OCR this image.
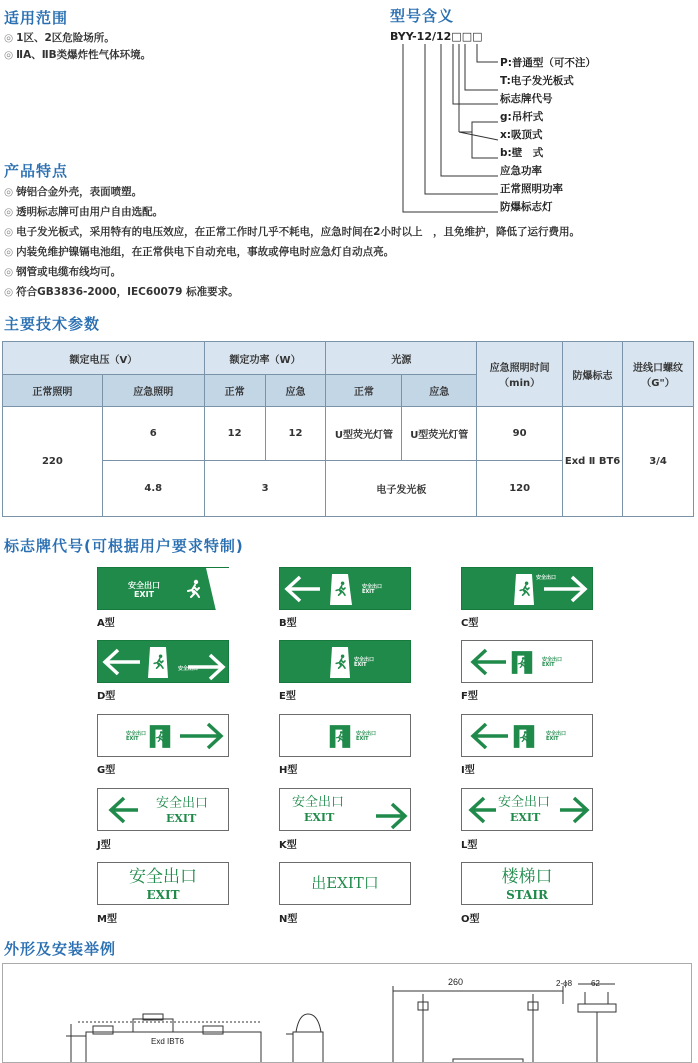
适用范围
◎ 1区、2区危险场所。
◎ ⅡA、ⅡB类爆炸性气体环境。
型号含义
BYY-12/12□□□
P:普通型（可不注）
T:电子发光板式
标志牌代号
g:吊杆式
x:吸顶式
b:壁　式
应急功率
正常照明功率
防爆标志灯
产品特点
◎ 铸铝合金外壳，表面喷塑。
◎ 透明标志牌可由用户自由选配。
◎ 电子发光板式，采用特有的电压效应，在正常工作时几乎不耗电，应急时间在2小时以上　，且免维护，降低了运行费用。
◎ 内装免维护镍镉电池组，在正常供电下自动充电，事故或停电时应急灯自动点亮。
◎ 钢管或电缆布线均可。
◎ 符合GB3836-2000，IEC60079 标准要求。
主要技术参数
额定电压（V）		额定功率（W）		光源		应急照明时间（min）	防爆标志	进线口螺纹（G"）
正常照明	应急照明	正常	应急	正常	应急			
220	6	12	12	U型荧光灯管	U型荧光灯管	90	Exd Ⅱ BT6	3/4
	4.8	3		电子发光板		120		
标志牌代号(可根据用户要求特制)
安全出口
EXIT
A型
安全出口
EXIT
B型
安全出口
C型
安全出口
D型
安全出口
EXIT
E型
安全出口
EXIT
F型
安全出口
EXIT
G型
安全出口
EXIT
H型
安全出口
EXIT
I型
安全出口
EXIT
J型
安全出口
EXIT
K型
安全出口
EXIT
L型
安全出口
EXIT
M型
出EXIT口
N型
楼梯口
STAIR
O型
外形及安装举例
260	2-ϕ8 62
Exd IBT6
